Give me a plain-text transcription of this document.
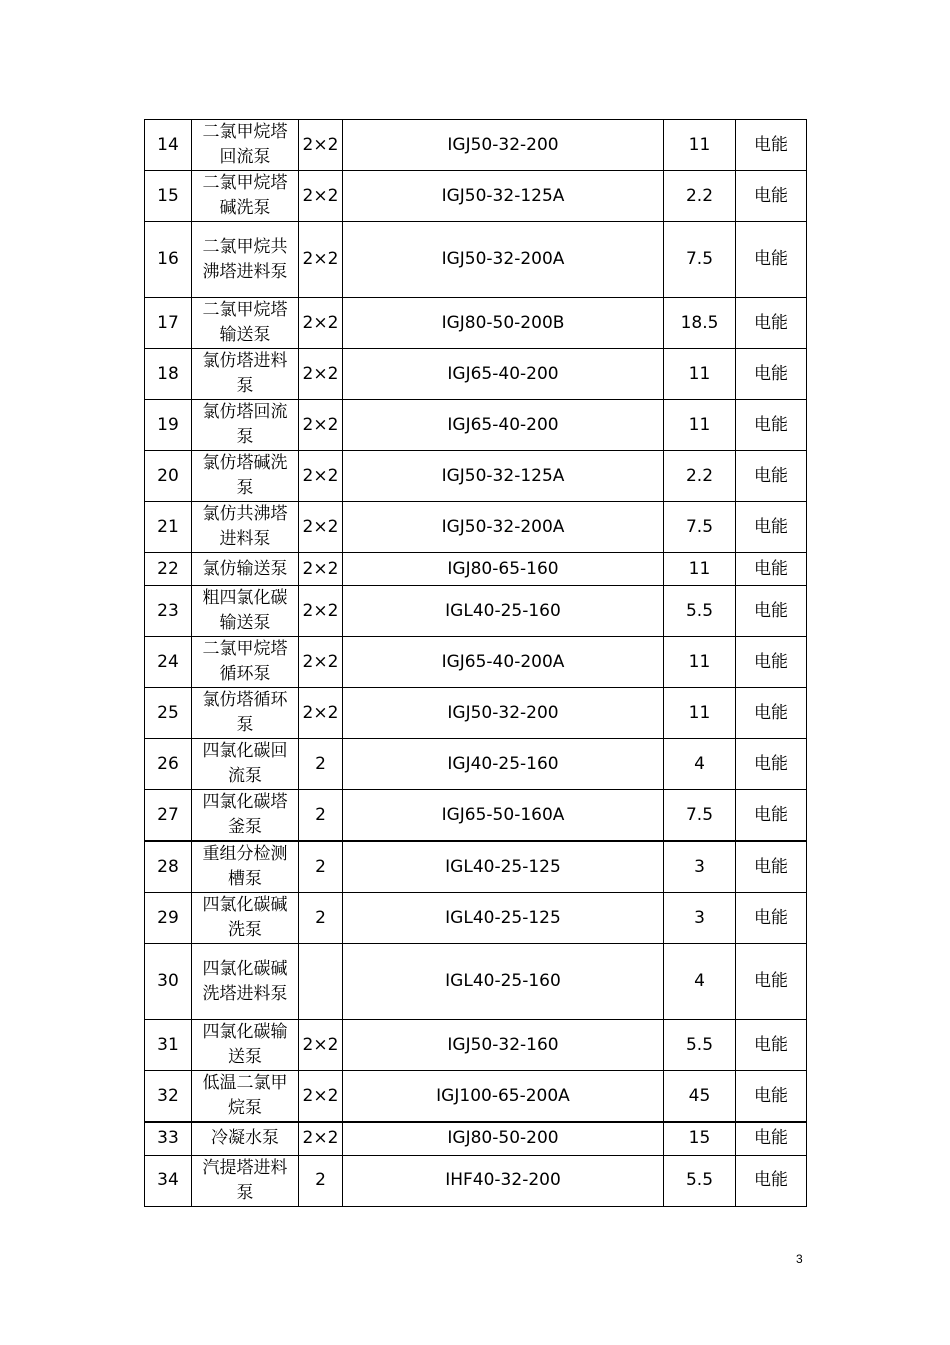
14	二氯甲烷塔回流泵	2×2	IGJ50-32-200	11	电能
15	二氯甲烷塔碱洗泵	2×2	IGJ50-32-125A	2.2	电能
16	二氯甲烷共沸塔进料泵	2×2	IGJ50-32-200A	7.5	电能
17	二氯甲烷塔输送泵	2×2	IGJ80-50-200B	18.5	电能
18	氯仿塔进料泵	2×2	IGJ65-40-200	11	电能
19	氯仿塔回流泵	2×2	IGJ65-40-200	11	电能
20	氯仿塔碱洗泵	2×2	IGJ50-32-125A	2.2	电能
21	氯仿共沸塔进料泵	2×2	IGJ50-32-200A	7.5	电能
22	氯仿输送泵	2×2	IGJ80-65-160	11	电能
23	粗四氯化碳输送泵	2×2	IGL40-25-160	5.5	电能
24	二氯甲烷塔循环泵	2×2	IGJ65-40-200A	11	电能
25	氯仿塔循环泵	2×2	IGJ50-32-200	11	电能
26	四氯化碳回流泵	2	IGJ40-25-160	4	电能
27	四氯化碳塔釜泵	2	IGJ65-50-160A	7.5	电能
28	重组分检测槽泵	2	IGL40-25-125	3	电能
29	四氯化碳碱洗泵	2	IGL40-25-125	3	电能
30	四氯化碳碱洗塔进料泵		IGL40-25-160	4	电能
31	四氯化碳输送泵	2×2	IGJ50-32-160	5.5	电能
32	低温二氯甲烷泵	2×2	IGJ100-65-200A	45	电能
33	冷凝水泵	2×2	IGJ80-50-200	15	电能
34	汽提塔进料泵	2	IHF40-32-200	5.5	电能
3
